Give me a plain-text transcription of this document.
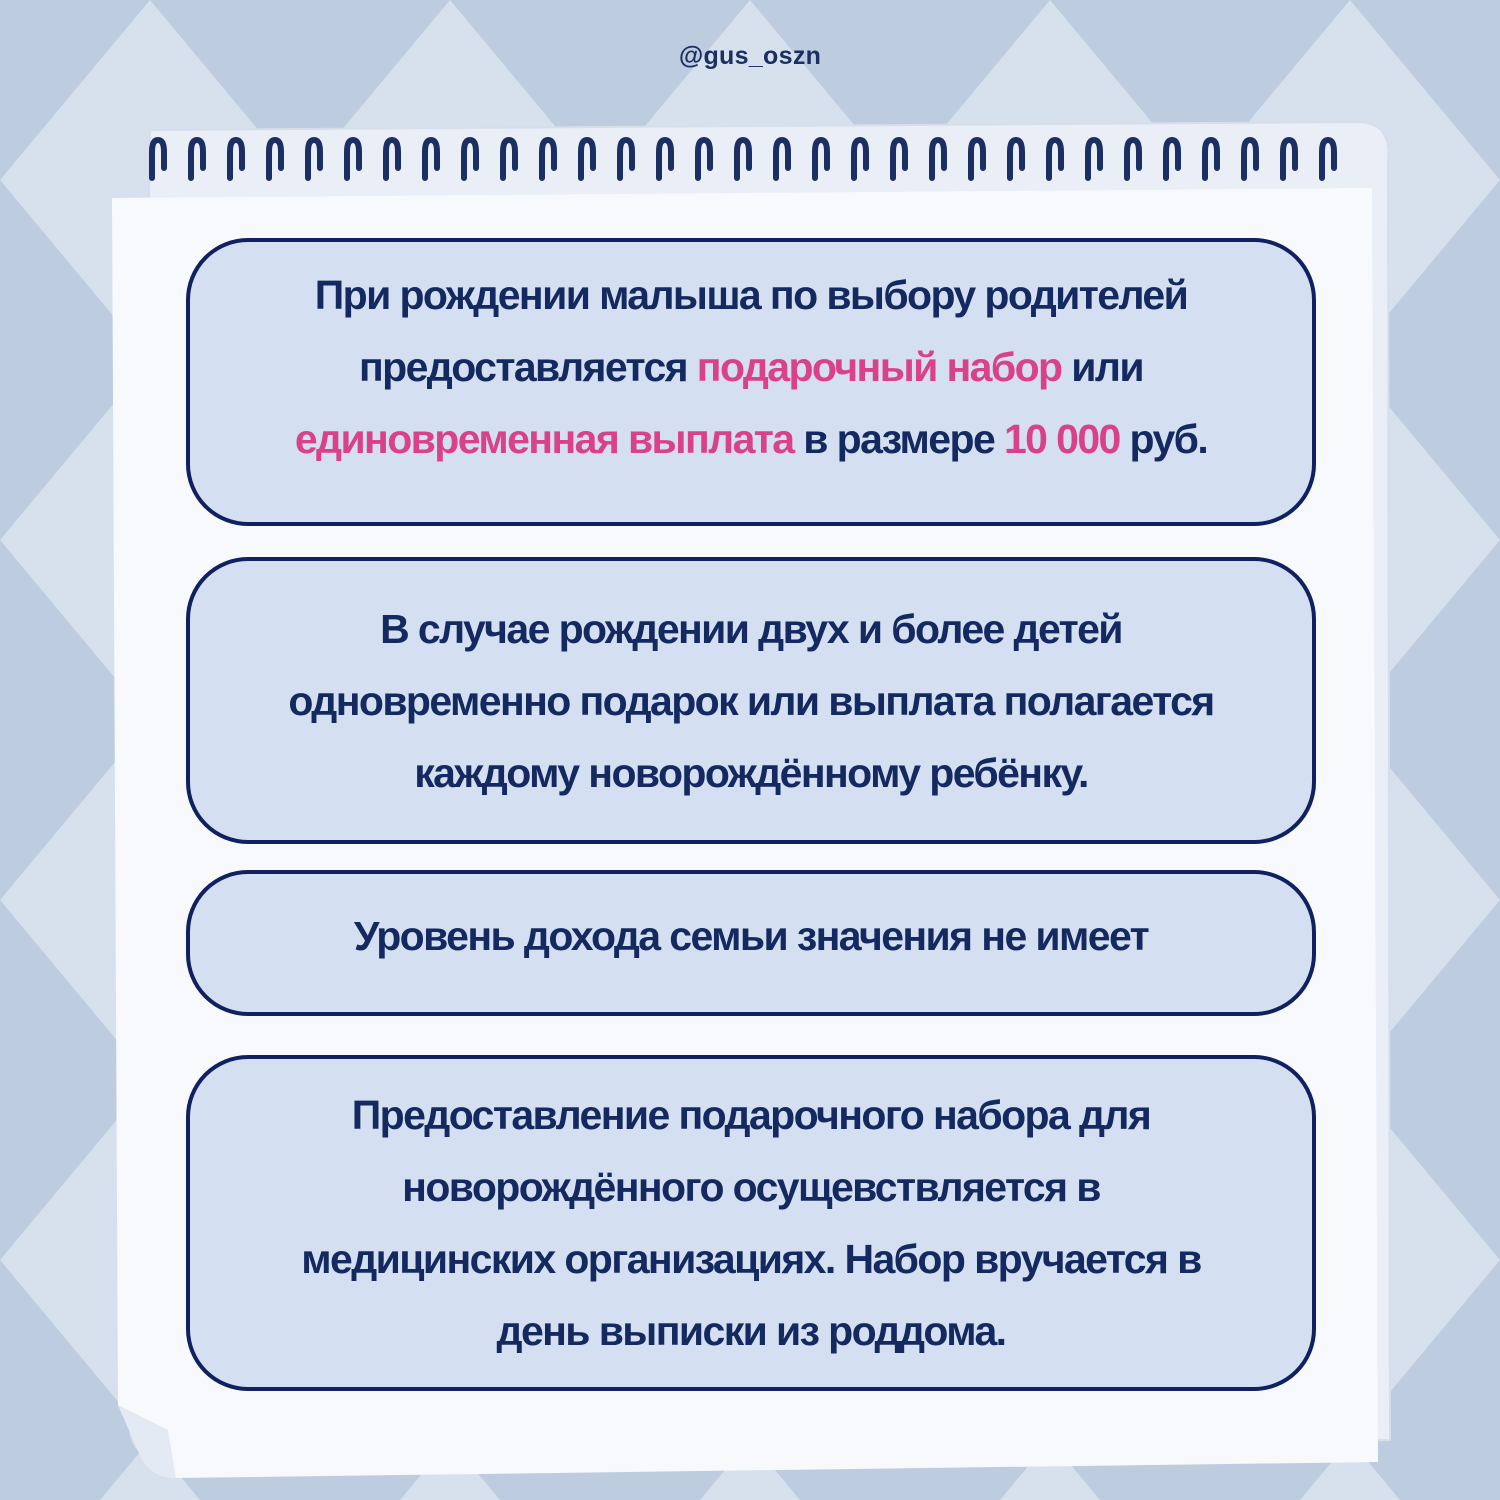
@gus_oszn
При рождении малыша по выбору родителей
предоставляется подарочный набор или
единовременная выплата в размере 10 000 руб.
В случае рождении двух и более детей
одновременно подарок или выплата полагается
каждому новорождённому ребёнку.
Уровень дохода семьи значения не имеет
Предоставление подарочного набора для
новорождённого осущевствляется в
медицинских организациях. Набор вручается в
день выписки из роддома.
